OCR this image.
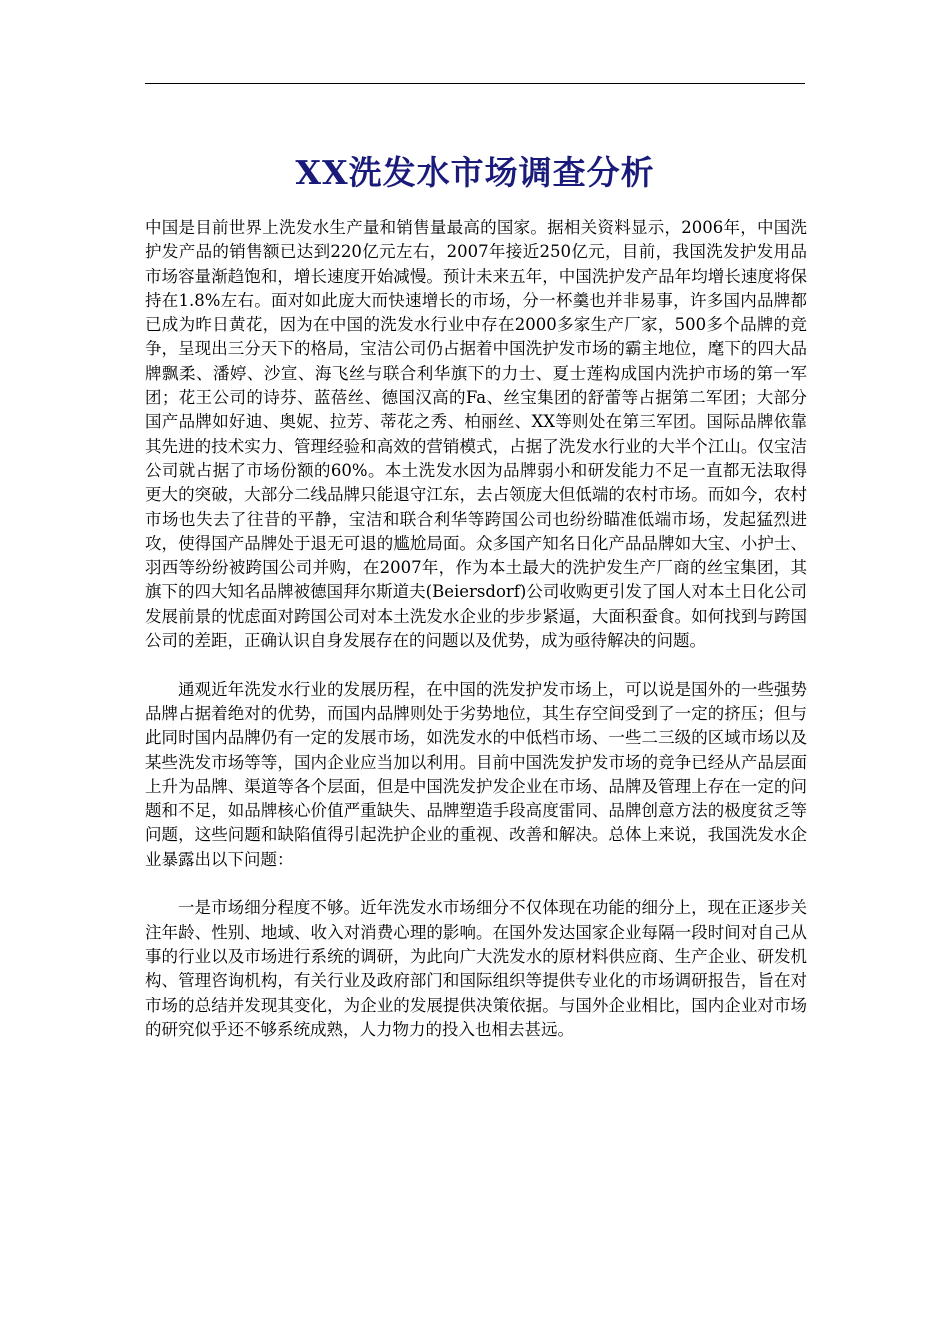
XX洗发水市场调查分析

中国是目前世界上洗发水生产量和销售量最高的国家。据相关资料显示，2006年，中国洗护发产品的销售额已达到220亿元左右，2007年接近250亿元，目前，我国洗发护发用品市场容量渐趋饱和，增长速度开始减慢。预计未来五年，中国洗护发产品年均增长速度将保持在1.8%左右。面对如此庞大而快速增长的市场，分一杯羹也并非易事，许多国内品牌都已成为昨日黄花，因为在中国的洗发水行业中存在2000多家生产厂家，500多个品牌的竞争，呈现出三分天下的格局，宝洁公司仍占据着中国洗护发市场的霸主地位，麾下的四大品牌飘柔、潘婷、沙宣、海飞丝与联合利华旗下的力士、夏士莲构成国内洗护市场的第一军团；花王公司的诗芬、蓝蓓丝、德国汉高的Fa、丝宝集团的舒蕾等占据第二军团；大部分国产品牌如好迪、奥妮、拉芳、蒂花之秀、柏丽丝、XX等则处在第三军团。国际品牌依靠其先进的技术实力、管理经验和高效的营销模式，占据了洗发水行业的大半个江山。仅宝洁公司就占据了市场份额的60%。本土洗发水因为品牌弱小和研发能力不足一直都无法取得更大的突破，大部分二线品牌只能退守江东，去占领庞大但低端的农村市场。而如今，农村市场也失去了往昔的平静，宝洁和联合利华等跨国公司也纷纷瞄准低端市场，发起猛烈进攻，使得国产品牌处于退无可退的尴尬局面。众多国产知名日化产品品牌如大宝、小护士、羽西等纷纷被跨国公司并购，在2007年，作为本土最大的洗护发生产厂商的丝宝集团，其旗下的四大知名品牌被德国拜尔斯道夫(Beiersdorf)公司收购更引发了国人对本土日化公司发展前景的忧虑面对跨国公司对本土洗发水企业的步步紧逼，大面积蚕食。如何找到与跨国公司的差距，正确认识自身发展存在的问题以及优势，成为亟待解决的问题。

通观近年洗发水行业的发展历程，在中国的洗发护发市场上，可以说是国外的一些强势品牌占据着绝对的优势，而国内品牌则处于劣势地位，其生存空间受到了一定的挤压；但与此同时国内品牌仍有一定的发展市场，如洗发水的中低档市场、一些二三级的区域市场以及某些洗发市场等等，国内企业应当加以利用。目前中国洗发护发市场的竞争已经从产品层面上升为品牌、渠道等各个层面，但是中国洗发护发企业在市场、品牌及管理上存在一定的问题和不足，如品牌核心价值严重缺失、品牌塑造手段高度雷同、品牌创意方法的极度贫乏等问题，这些问题和缺陷值得引起洗护企业的重视、改善和解决。总体上来说，我国洗发水企业暴露出以下问题：

一是市场细分程度不够。近年洗发水市场细分不仅体现在功能的细分上，现在正逐步关注年龄、性别、地域、收入对消费心理的影响。在国外发达国家企业每隔一段时间对自己从事的行业以及市场进行系统的调研，为此向广大洗发水的原材料供应商、生产企业、研发机构、管理咨询机构，有关行业及政府部门和国际组织等提供专业化的市场调研报告，旨在对市场的总结并发现其变化，为企业的发展提供决策依据。与国外企业相比，国内企业对市场的研究似乎还不够系统成熟，人力物力的投入也相去甚远。
